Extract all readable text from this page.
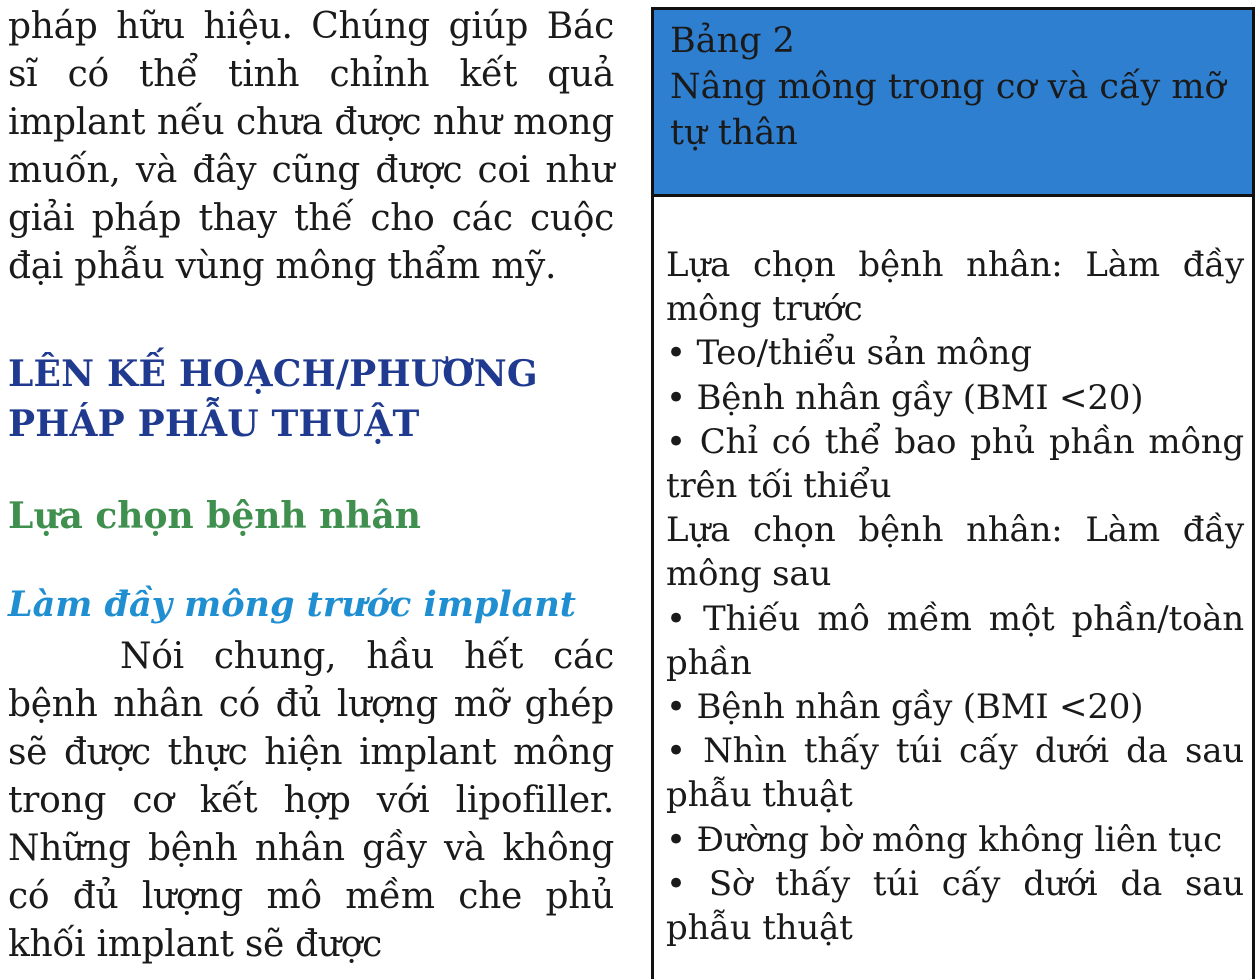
pháp hữu hiệu. Chúng giúp Bác sĩ có thể tinh chỉnh kết quả implant nếu chưa được như mong muốn, và đây cũng được coi như giải pháp thay thế cho các cuộc đại phẫu vùng mông thẩm mỹ.

LÊN KẾ HOẠCH/PHƯƠNG PHÁP PHẪU THUẬT
Lựa chọn bệnh nhân
Làm đầy mông trước implant

Nói chung, hầu hết các bệnh nhân có đủ lượng mỡ ghép sẽ được thực hiện implant mông trong cơ kết hợp với lipofiller. Những bệnh nhân gầy và không có đủ lượng mô mềm che phủ khối implant sẽ được

Bảng 2

Nâng mông trong cơ và cấy mỡ tự thân

Lựa chọn bệnh nhân: Làm đầy mông trước

• Teo/thiểu sản mông

• Bệnh nhân gầy (BMI <20)

• Chỉ có thể bao phủ phần mông trên tối thiểu

Lựa chọn bệnh nhân: Làm đầy mông sau

• Thiếu mô mềm một phần/toàn phần

• Bệnh nhân gầy (BMI <20)

• Nhìn thấy túi cấy dưới da sau phẫu thuật

• Đường bờ mông không liên tục

• Sờ thấy túi cấy dưới da sau phẫu thuật
